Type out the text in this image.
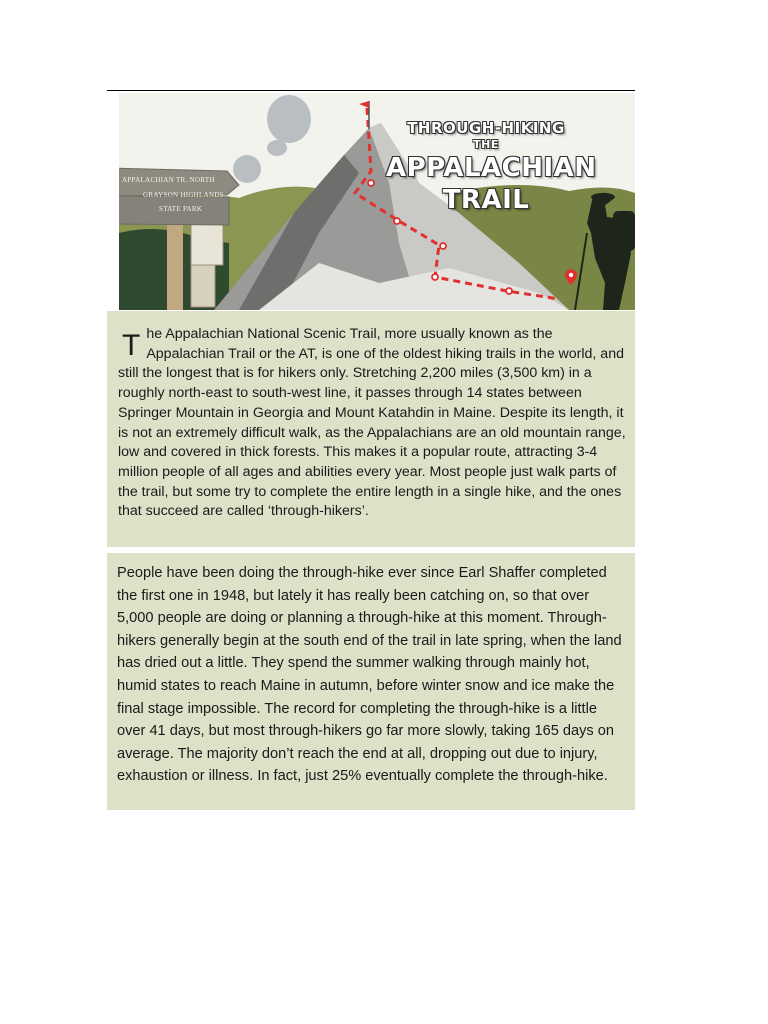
APPALACHIAN TR. NORTH
GRAYSON HIGHLANDS
STATE PARK
THROUGH-HIKING
THE
APPALACHIAN
TRAIL
T he Appalachian National Scenic Trail, more usually known as the Appalachian Trail or the AT, is one of the oldest hiking trails in the world, and still the longest that is for hikers only. Stretching 2,200 miles (3,500 km) in a roughly north-east to south-west line, it passes through 14 states between Springer Mountain in Georgia and Mount Katahdin in Maine. Despite its length, it is not an extremely difficult walk, as the Appalachians are an old mountain range, low and covered in thick forests. This makes it a popular route, attracting 3-4 million people of all ages and abilities every year. Most people just walk parts of the trail, but some try to complete the entire length in a single hike, and the ones that succeed are called ‘through-hikers’.

People have been doing the through-hike ever since Earl Shaffer completed the first one in 1948, but lately it has really been catching on, so that over 5,000 people are doing or planning a through-hike at this moment. Through-hikers generally begin at the south end of the trail in late spring, when the land has dried out a little. They spend the summer walking through mainly hot, humid states to reach Maine in autumn, before winter snow and ice make the final stage impossible. The record for completing the through-hike is a little over 41 days, but most through-hikers go far more slowly, taking 165 days on average. The majority don’t reach the end at all, dropping out due to injury, exhaustion or illness. In fact, just 25% eventually complete the through-hike.
